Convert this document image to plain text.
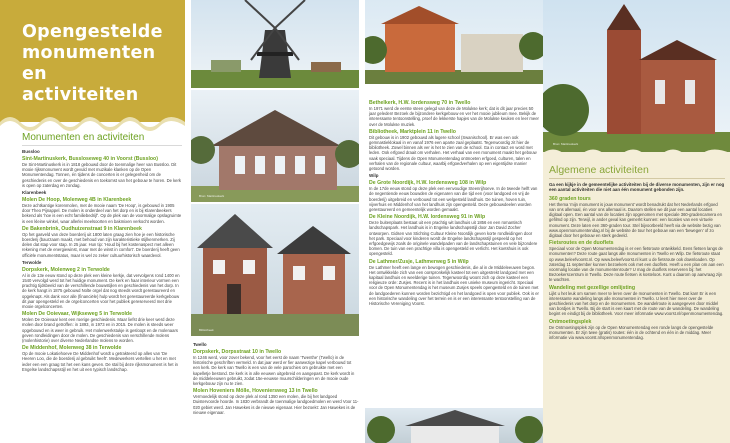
Opengestelde
monumenten en
activiteiten
Monumenten en activiteiten
Bussloo
Sint-Martinuskerk, Bussloseweg 40 in Voorst (Bussloo)
De Sint-Martinuskerk is in 1818 gebouwd door de toenmalige heer van Bussloo. Dit mooie rijksmonument wordt gevuld met muzikale klanken op de Open Monumentendag. Tonnen, én tijdens de concerten is er gelegenheid om de geschiedenis en over de geschiedenis en toekomst van het gebouw te horen. De kerk is open op zaterdag en zondag.
Klarenbeek
Molen De Hoop, Molenweg 4B in Klarenbeek
Deze achtkantige korenmolen, met de mooie naam 'De Hoop', is gebouwd in 1905 door Theo Pijnappel. De molen is onderdeel van het dorp en is bij Klarenbeekers bekend als 'hoe is een echt familiebedrijf'. Op de plek van de voormalige opslagruimte is een kleine winkel, waar allerlei meelsoorten en bakmixen verkocht worden.
De Bakenbrink, Oudhuizenstraat 9 in Klarenbeek
Op het gasveld van deze boerderij uit 1800 laten graag zien hoe je een historische boerderij (baurzaam maakt, met behoud van zijn karakteristieke stijlkenmerken. Zij delen dat stap voor stap. In 25 jaar. Hun tip: 'Houd bij het kostenaspect met alleen rekening met de energiewinst, maar met de winst in comfort'. De boerderij heeft geen officiële monumentstatus, maar is wel zo zeker cultuurhistorisch waardevol.
Terwolde
Dorpskerk, Molenweg 2 in Terwolde
Al in de 13e eeuw stond op deze plek een kleine kerkje, dat vervolgens rond 1400 en 1540 vervolgd werd tot het huidige monument. De kerk en haar interieur vormen een prachtig tijdsbeeld van de verschillende bouwstijlen en geschiedenis van het dorp. In de kerk hangt in 1875 gebouwd Nolte orgel dat nog steeds wordt gerestaureerd en opgeknapt. Als dank voor alle (financiële) hulp wordt het gerestaureerde kerkgebouw dit jaar opengesteld en de orgelconcerten voor het publiek gereserveerd met drie mooie orgelconcerten.
Molen De Ooievaar, Wijkseweg 5 in Terwolde
Molen De Ooievaar kent een roerige geschiedenis. Maar liefst drie keer werd deze molen door brand getroffen: in 1893, in 1973 en in 2015. De molen is steeds weer opgebouwd en is weer in gebruik. Het molenwerkstukje is gesloopt en de molenaars geven rondleidingen door de molen. De geschiedenis van verschillende molens (molenhistorie) over diverse Nederlandse molens te worden.
De Middenhof, Molenweg 38 in Terwolde
Op de mooie Lokatiehoeve De Middenhof wordt u getrakteerd op alles van 'De Heeren Loo, die de boerderij al gebruikt heeft'. Medewerkers vertellen u het en met ieder een een graag tot het een kans geven. De stal bij deze rijksmonument is het in Engelse landschapsstijl en het uit een typisch landschap.
Bron: Martinuskerk
Bibliotheek
Twello
Dorpskerk, Dorpsstraat 10 in Twello
In 1246 werd, voor zover bekend, voor het eerst de naam 'Twenthe' (Twello) in de historische geschriften vermeld. In dat jaar werd er fier aanwezige kapel verbouwd tot een kerk. De kerk van Twello is een van de vele parochies om gebruikte met een kapelletje bestond. De kerk is in alle eeuwen uitgebreid en aangepast. De kerk wordt in de middeleeuwen gebruikt, zodat 15e-eeuwse muurschilderingen en de mooie oude kerkgebouw zijn nu te zien.
Molen Hoveniers Mölle, Hoveniersweg 13 in Twello
Vermoedelijk stond op deze plek al rond 1350 een molen, die bij het landgoed Duistervoorde hoorde. In 1830 verbrandt de toenmalige landgoedmolen en werd Voor 11-020 gebiet werd. Jan Hawekes is de nieuwe eigenaar. Hier bezoekt: Jan Hawekes is de nieuwe eigenaar.
Bethelkerk, H.W. Iordensweg 70 in Twello
In 1971 werd de eerste steen gelegd van deze de Molukse kerk; dat is dit jaar precies 50 jaar geleden! Bezoek de bijzondere kerkgebouw en ver het mooie jubileum mee. Bekijk de interessante tentoonstelling, proef de lekkerste hapjes van de Molukse keuken en leer meer over de Molukse muziek.
Bibliotheek, Marktplein 11 in Twello
Dit gebouw is in 1902 gebouwd als lagere school (Swanischool). Er was een ook gemnastieklokaal in en vanaf 1976 een aparte zaal geplaatst. Tegenwoordig zit hier de bibliotheek. Zowel binnen als ver is het te zien van de school. Ga in contact en word met leden. Ook erfgoed draait om verhalen. Het verhaal van een monument maakt het gebouw vaak speciaal. Tijdens de Open Monumentendag ontmoeten erfgoed, culturen, talen en verhalen van de regionale cultuur, waarbij erfgoedverhalen op een eigentijdse manier getoond worden.
Wilp
De Grote Noordijk, H.W. Iordensweg 108 in Wilp
In de 17de eeuw stond op deze plek een eenvoudige Steenrijhoeve. In de tweede helft van de negentiende eeuw bouwden de eigenaren van die tijd een (voor landgoed en vrij de boerderij) uitgebreid en verbouwd tot een welgesteld landhuis. De tuinen, hoven tuin, vijverhuis en Middenhof van het landhuis zijn opengesteld. Deze gebouwdeelen worden gerestaureerd en gemeentelijk worden gemaakt.
De Kleine Noordijk, H.W. Iordensweg 91 in Wilp
Deze buitenplaats bestaat uit een prachtig wit landhuis uit 1856 en een romantisch landschapspark. Het landhuis is in Engelse landschapsstijl door Jan David Zocher ontworpen. Gidsen van Stichting Cultuur Kleine Noordijk geven korte rondleidingen door het park. Speciaal voor kinderen wordt de Engelse landschapsstijl gespeeld op het erfgoedgewijs zoals de originele wandelpaden van de landschapstuinen en vele bijzondere bomen. De tuin van een prachtige villa is opengesteld en verlicht. Het koetshuis is ook opengesteld.
De Lathmer/Zusje, Lathmerweg 5 in Wilp
De Lathmer heeft een lange en bewogen geschiedenis, die al in de Middeleeuwen begon. Het ontwikkelde zich van een oorspronkelijk kasteel tot een uitgestrekt landgoed met een kapitaal landhuis en weelderige tuinen. Tegenwoordig woont zich op deze kasteel een religieuze orde: Zusjes. Recent is in het landhuis een unieke museum ingericht. Speciaal voor de Open Monumentendag is het museum Zusjes speels opengesteld en de tuinen met de landgoederen kunnen worden bezichtigd en het landgoed is open voor publiek. Ook is er een historische wandeling over het terrein en is er een interessante tentoonstelling van de Historische Vereniging Voorst.
Bron: Martinuskerk
Algemene activiteiten
Ga een kijkje in de gemeentelijke activiteiten bij de diverse monumenten, zijn er nog een aantal activiteiten die niet aan één monument gebonden zijn.
360 graden tours
Het thema 'mijn monument is jouw monument' wordt benadrukt dat het Nederlands erfgoed van ons allemaal, én voor ons allemaal is. Daarom stellen we dit jaar een aantal locaties digitaal open. Een aantal van de locaties zijn opgenomen met speciale 360-gradencamera en gefilmd op zijn. Terwijl, in ander geval kan gemerkt kunnen: een locaties van een virtuele monument. Deze laten een 360-graden tour. Stel bijvoorbeeld heeft via de website bezig van www.openmonumentendag.nl bij de website de tour het gebouw van een 'bewegen' of zo digitaal door het gebouw en sterk gedeeld.
Fietsroutes en de duoflets
Speciaal voor de Open Monumentendag is er een fietsroute ontwikkeld. Eens fietsen langs de monumenten? Deze route gaat langs alle monumenten in Twello en Wilp. De fietsroute staat op www.beleefvoorst.nl. Op www.beleefvoorst.nl kunt u de fietsroute ook downloaden. Op zaterdag 11 september kunnen bezoekers ook met een duoflets. Heeft u een plan om aan een voormalig locatie van de monumentenroute? U mag de duoflets reserveren bij: het Bezoekerscentrum in Twello. Deze route fietsen is kosteloos. Kunt u daarom op aanvraag zijn te wachten.
Wandeling met gezellige omlijsting
Lijkt u het leuk om samen meer te leren over de monumenten in Twello. Dat kan! Er is een interessante wandeling langs alle monumenten in Twello. U leert hier meer over de geschiedenis van het dorp en de monumenten. De wandelroute is aangegeven door middel van bordjes in Twello. Bij de start is een kaart met de route van de wandeling. De wandeling begint en eindigt bij de bibliotheek. Voor meer informatie www.voorst.nl/openmonumentendag.
Ontmoetingsplek
De Ontmoetingsplek zijn op de Open Monumentendag een ronde langs de opengestelde monumenten. Er zijn twee (gratis) routes: één in de ochtend en één in de middag. Meer informatie via www.voorst.nl/openmonumentendag.
